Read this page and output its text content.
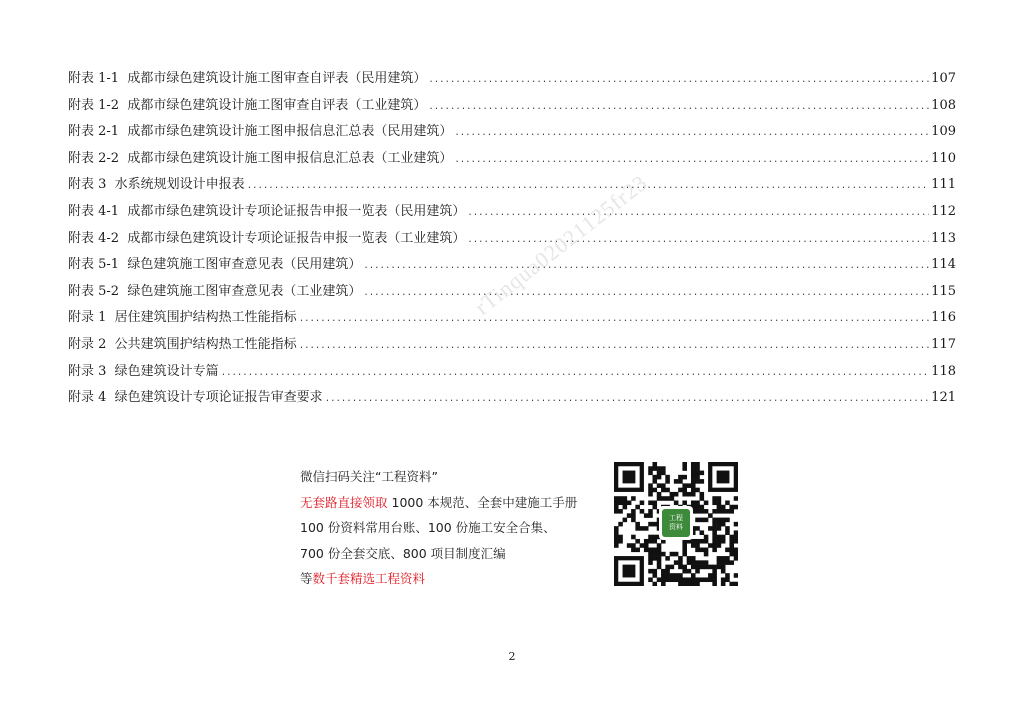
附表 1-1 成都市绿色建筑设计施工图审查自评表（民用建筑） .....	107
附表 1-2 成都市绿色建筑设计施工图审查自评表（工业建筑） .....	108
附表 2-1 成都市绿色建筑设计施工图申报信息汇总表（民用建筑） .....	109
附表 2-2 成都市绿色建筑设计施工图申报信息汇总表（工业建筑） .....	110
附表 3 水系统规划设计申报表 .....	111
附表 4-1 成都市绿色建筑设计专项论证报告申报一览表（民用建筑） .....	112
附表 4-2 成都市绿色建筑设计专项论证报告申报一览表（工业建筑） .....	113
附表 5-1 绿色建筑施工图审查意见表（民用建筑） .....	114
附表 5-2 绿色建筑施工图审查意见表（工业建筑） .....	115
附录 1 居住建筑围护结构热工性能指标 .....	116
附录 2 公共建筑围护结构热工性能指标 .....	117
附录 3 绿色建筑设计专篇 .....	118
附录 4 绿色建筑设计专项论证报告审查要求 .....	121
rTinqua02021125fr23
微信扫码关注“工程资料”
无套路直接领取 1000 本规范、全套中建施工手册
100 份资料常用台账、100 份施工安全合集、
700 份全套交底、800 项目制度汇编
等数千套精选工程资料
工程
资料
2
